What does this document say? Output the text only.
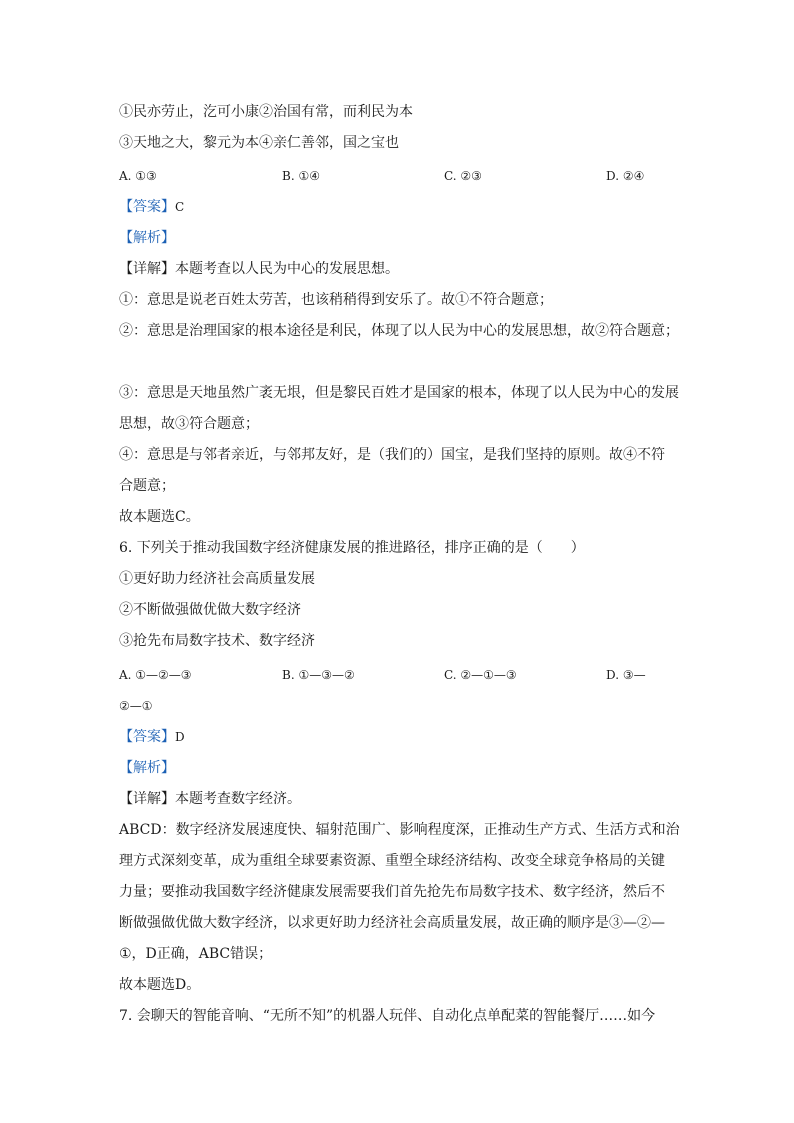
①民亦劳止，汔可小康②治国有常，而利民为本
③天地之大，黎元为本④亲仁善邻，国之宝也
A. ①③	B. ①④	C. ②③	D. ②④
【答案】C
【解析】
【详解】本题考查以人民为中心的发展思想。
①：意思是说老百姓太劳苦，也该稍稍得到安乐了。故①不符合题意；
②：意思是治理国家的根本途径是利民，体现了以人民为中心的发展思想，故②符合题意；
③：意思是天地虽然广袤无垠，但是黎民百姓才是国家的根本，体现了以人民为中心的发展
思想，故③符合题意；
④：意思是与邻者亲近，与邻邦友好，是（我们的）国宝，是我们坚持的原则。故④不符
合题意；
故本题选C。
6. 下列关于推动我国数字经济健康发展的推进路径，排序正确的是（　　）
①更好助力经济社会高质量发展
②不断做强做优做大数字经济
③抢先布局数字技术、数字经济
A. ①—②—③	B. ①—③—②	C. ②—①—③	D. ③—
②—①
【答案】D
【解析】
【详解】本题考查数字经济。
ABCD：数字经济发展速度快、辐射范围广、影响程度深，正推动生产方式、生活方式和治
理方式深刻变革，成为重组全球要素资源、重塑全球经济结构、改变全球竞争格局的关键
力量；要推动我国数字经济健康发展需要我们首先抢先布局数字技术、数字经济，然后不
断做强做优做大数字经济，以求更好助力经济社会高质量发展，故正确的顺序是③—②—
①，D正确，ABC错误；
故本题选D。
7. 会聊天的智能音响、“无所不知”的机器人玩伴、自动化点单配菜的智能餐厅……如今
